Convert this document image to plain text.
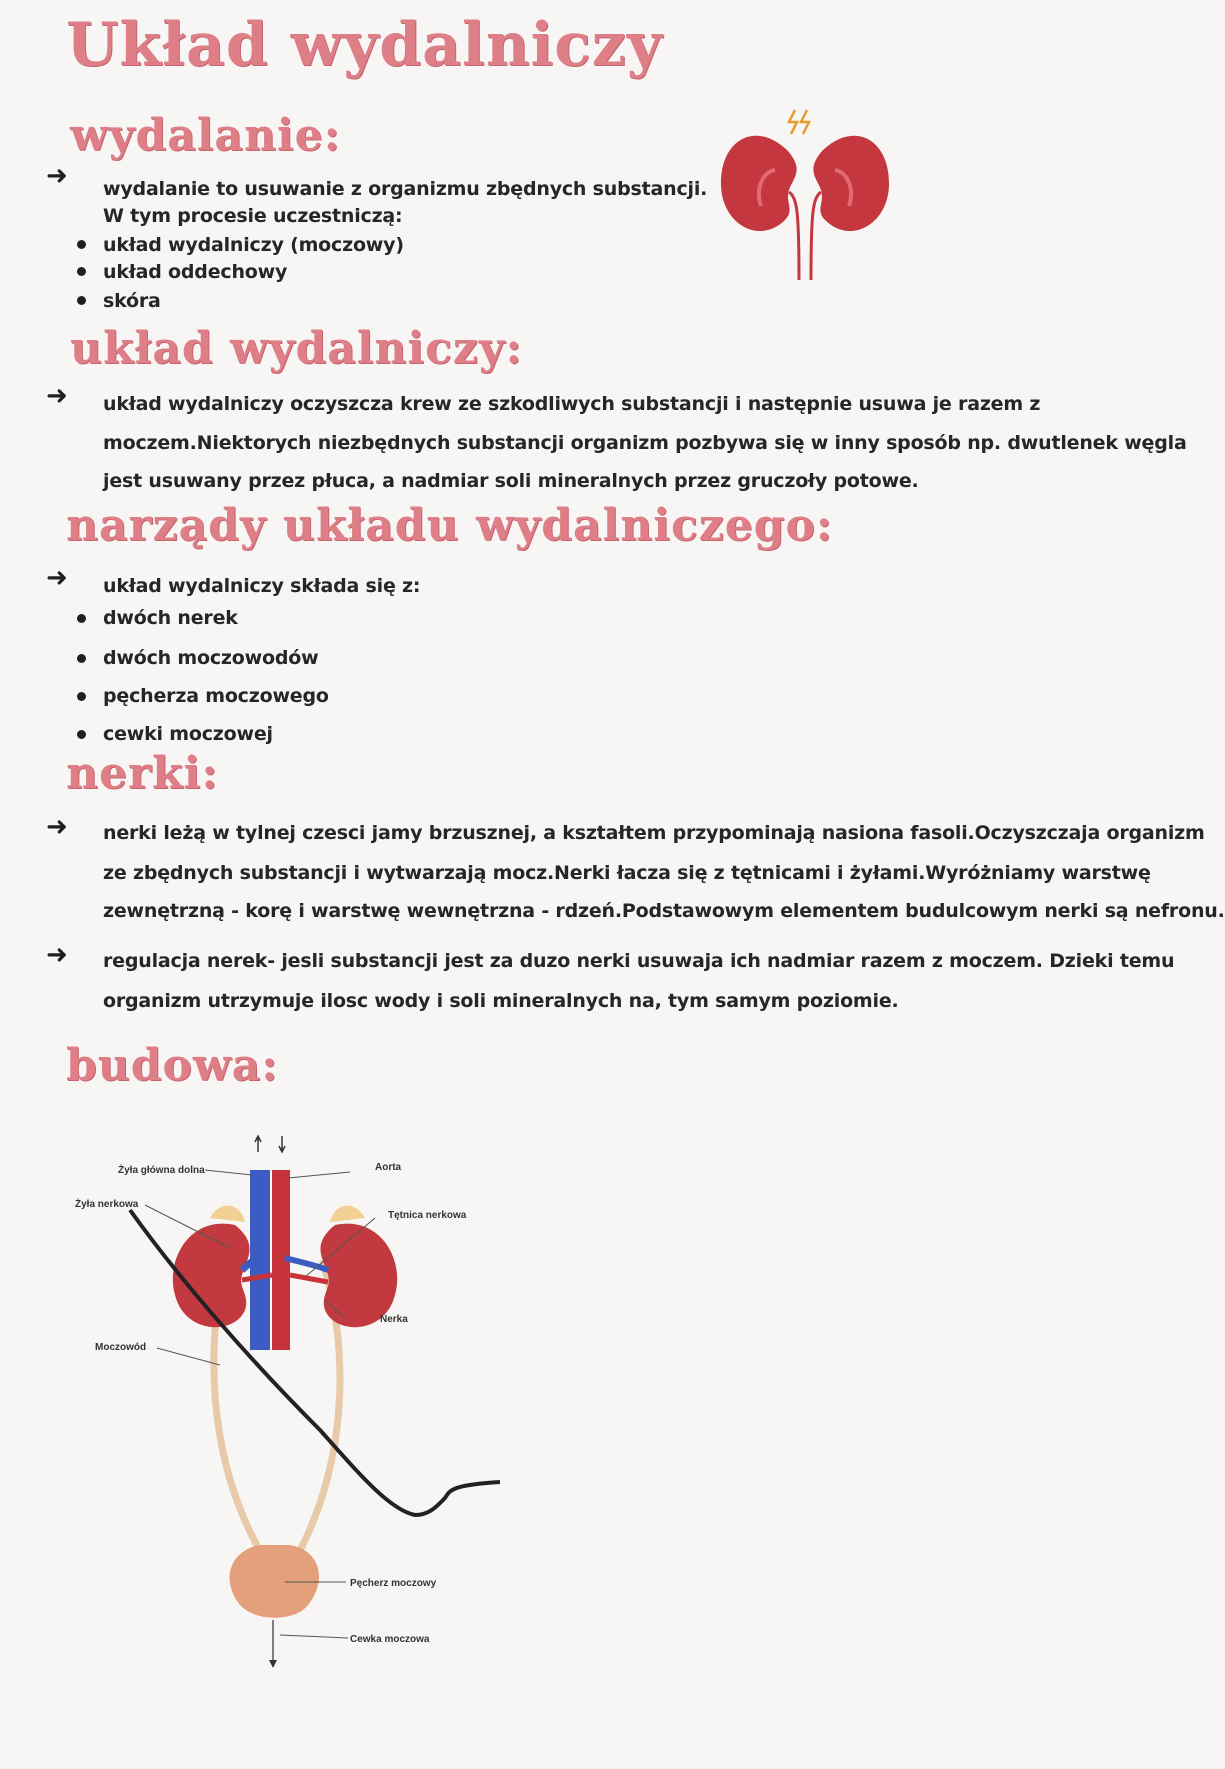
Układ wydalniczy
wydalanie:
➜ wydalanie to usuwanie z organizmu zbędnych substancji.
W tym procesie uczestniczą:
układ wydalniczy (moczowy)
układ oddechowy
skóra
układ wydalniczy:
➜ układ wydalniczy oczyszcza krew ze szkodliwych substancji i następnie usuwa je razem z
moczem.Niektorych niezbędnych substancji organizm pozbywa się w inny sposób np. dwutlenek węgla
jest usuwany przez płuca, a nadmiar soli mineralnych przez gruczoły potowe.
narządy układu wydalniczego:
➜ układ wydalniczy składa się z:
dwóch nerek
dwóch moczowodów
pęcherza moczowego
cewki moczowej
nerki:
➜ nerki leżą w tylnej czesci jamy brzusznej, a kształtem przypominają nasiona fasoli.Oczyszczaja organizm
ze zbędnych substancji i wytwarzają mocz.Nerki łacza się z tętnicami i żyłami.Wyróżniamy warstwę
zewnętrzną - korę i warstwę wewnętrzna - rdzeń.Podstawowym elementem budulcowym nerki są nefronu.
➜ regulacja nerek- jesli substancji jest za duzo nerki usuwaja ich nadmiar razem z moczem. Dzieki temu
organizm utrzymuje ilosc wody i soli mineralnych na, tym samym poziomie.
budowa:
Żyła główna dolna
Żyła nerkowa
Aorta
Tętnica nerkowa
Nerka
Moczowód
Pęcherz moczowy
Cewka moczowa
